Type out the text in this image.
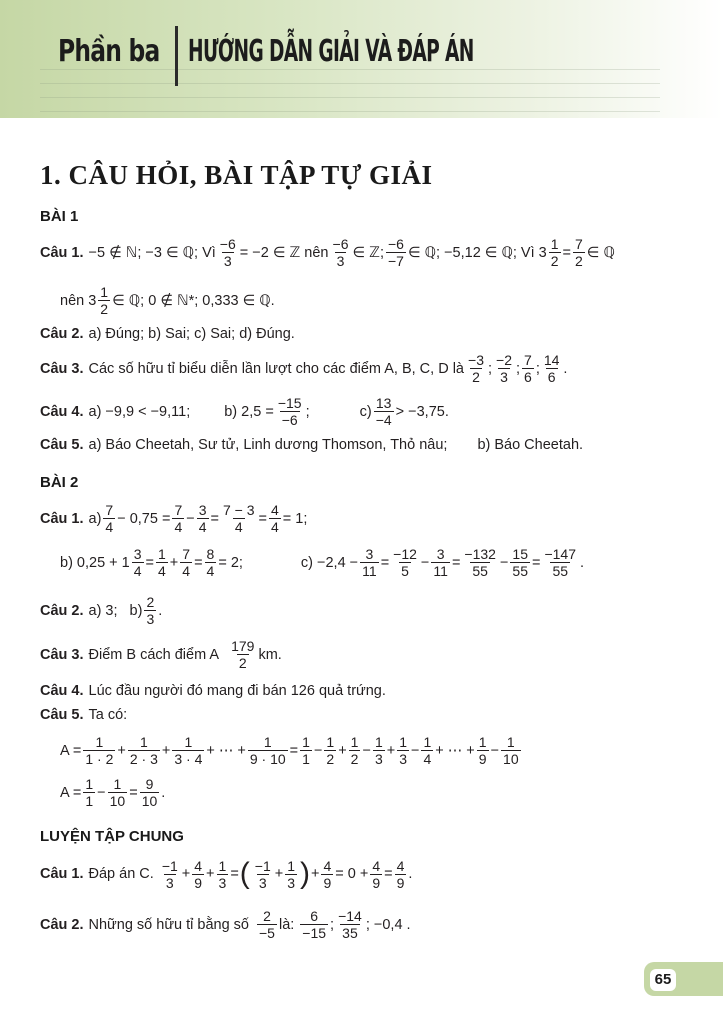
Phần ba HƯỚNG DẪN GIẢI VÀ ĐÁP ÁN
1. CÂU HỎI, BÀI TẬP TỰ GIẢI
BÀI 1
Câu 1. −5 ∉ ℕ; −3 ∈ ℚ; Vì $\frac{-6}{3} = -2$ ∈ ℤ nên
−6
3
∈ ℤ;
−6
−7
∈ ℚ; −5,12 ∈ ℚ; Vì $3 \frac{1}{2} = \frac{7}{2}$ ∈ ℚ
nên 3
1
2
∈ ℚ; 0 ∉ ℕ*; 0,333 ∈ ℚ.
Câu 2. a) Đúng; b) Sai; c) Sai; d) Đúng.
Câu 3. Các số hữu tỉ biểu diễn lần lượt cho các điểm A, B, C, D là
−3
2
;
−2
3
;
7
6
;
14
6
.
Câu 4. a) −9,9 < −9,11; b) $2,5 = \frac{-15}{-6}$ ;	c)
13
−4
> −3,75.
Câu 5. a) Báo Cheetah, Sư tử, Linh dương Thomson, Thỏ nâu; b) Báo Cheetah.
BÀI 2
Câu 1. a)
7
4
− $0,75 = \frac{7}{4}$ −
3
4
=
7 − 3
4
= $\frac{4}{4} = 1$;
b) 0,25 + 1
3
4
=
1
4
+
7
4
= $\frac{8}{4} = 2$;	$c) -2,4 - \frac{3}{11}$ =
−12
5
−
3
11
=
−132
55
−
15
55
=
−147
55
.
Câu 2. a) 3; b)
2
3
.
Câu 3. Điểm B cách điểm A
179
2
km.
Câu 4. Lúc đầu người đó mang đi bán 126 quả trứng.
Câu 5. Ta có:
$A = \frac{1}{1 \cdot 2}$ +
1
2 · 3
+
1
3 · 4
+ ⋯ + $\frac{1}{9 \cdot 10}$ =
1
1
−
1
2
+
1
2
−
1
3
+
1
3
−
1
4
+ ⋯ + $\frac{1}{9}$ −
1
10
$A = \frac{1}{1}$ −
1
10
=
9
10
.
LUYỆN TẬP CHUNG
Câu 1. Đáp án C.
−1
3
+
4
9
+
1
3
= ( −1
3
+
1
3 ) + $\frac{4}{9} = 0 + \frac{4}{9}$ =
4
9
.
Câu 2. Những số hữu tỉ bằng số
2
−5
là:
6
−15
;
−14
35
; −0,4 .
65
